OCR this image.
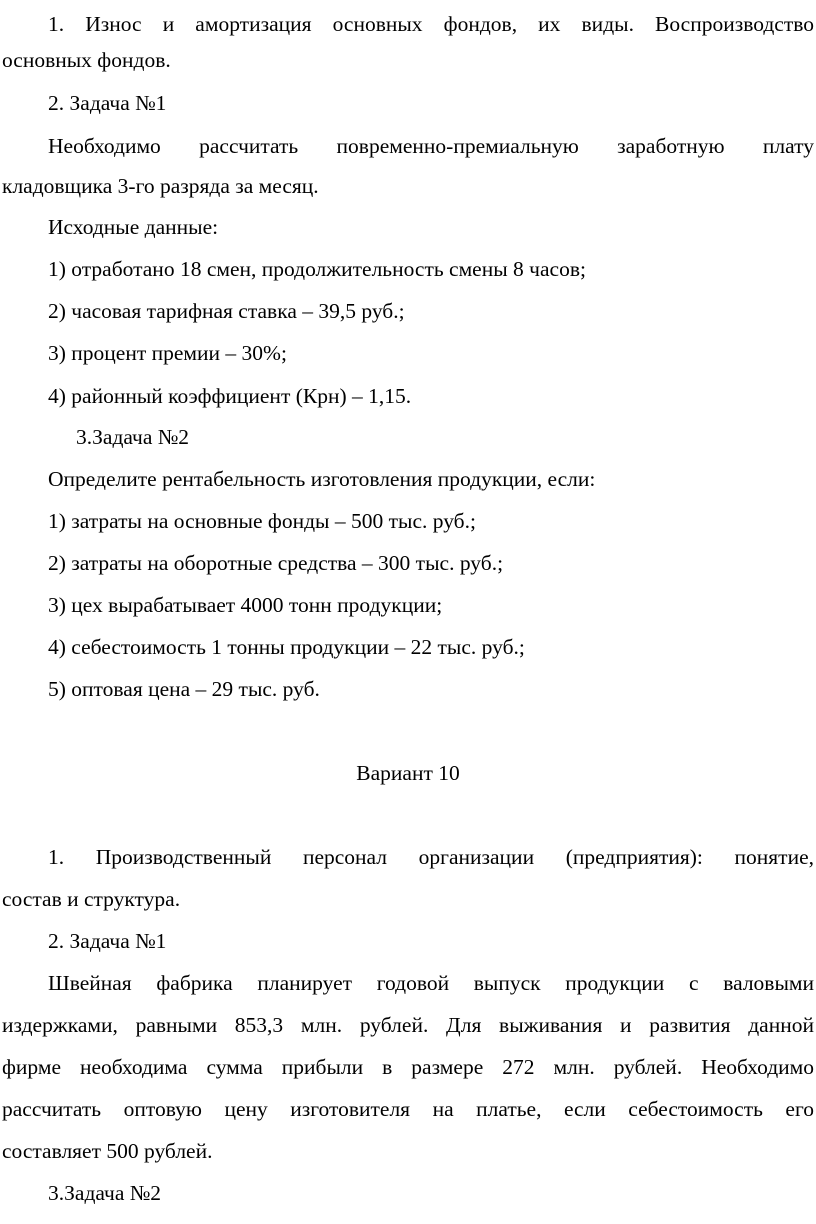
1. Износ и амортизация основных фондов, их виды. Воспроизводство
основных фондов.
2. Задача №1
Необходимо рассчитать повременно-премиальную заработную плату
кладовщика 3-го разряда за месяц.
Исходные данные:
1) отработано 18 смен, продолжительность смены 8 часов;
2) часовая тарифная ставка – 39,5 руб.;
3) процент премии – 30%;
4) районный коэффициент (Крн) – 1,15.
3.Задача №2
Определите рентабельность изготовления продукции, если:
1) затраты на основные фонды – 500 тыс. руб.;
2) затраты на оборотные средства – 300 тыс. руб.;
3) цех вырабатывает 4000 тонн продукции;
4) себестоимость 1 тонны продукции – 22 тыс. руб.;
5) оптовая цена – 29 тыс. руб.
Вариант 10
1. Производственный персонал организации (предприятия): понятие,
состав и структура.
2. Задача №1
Швейная фабрика планирует годовой выпуск продукции с валовыми
издержками, равными 853,3 млн. рублей. Для выживания и развития данной
фирме необходима сумма прибыли в размере 272 млн. рублей. Необходимо
рассчитать оптовую цену изготовителя на платье, если себестоимость его
составляет 500 рублей.
3.Задача №2
